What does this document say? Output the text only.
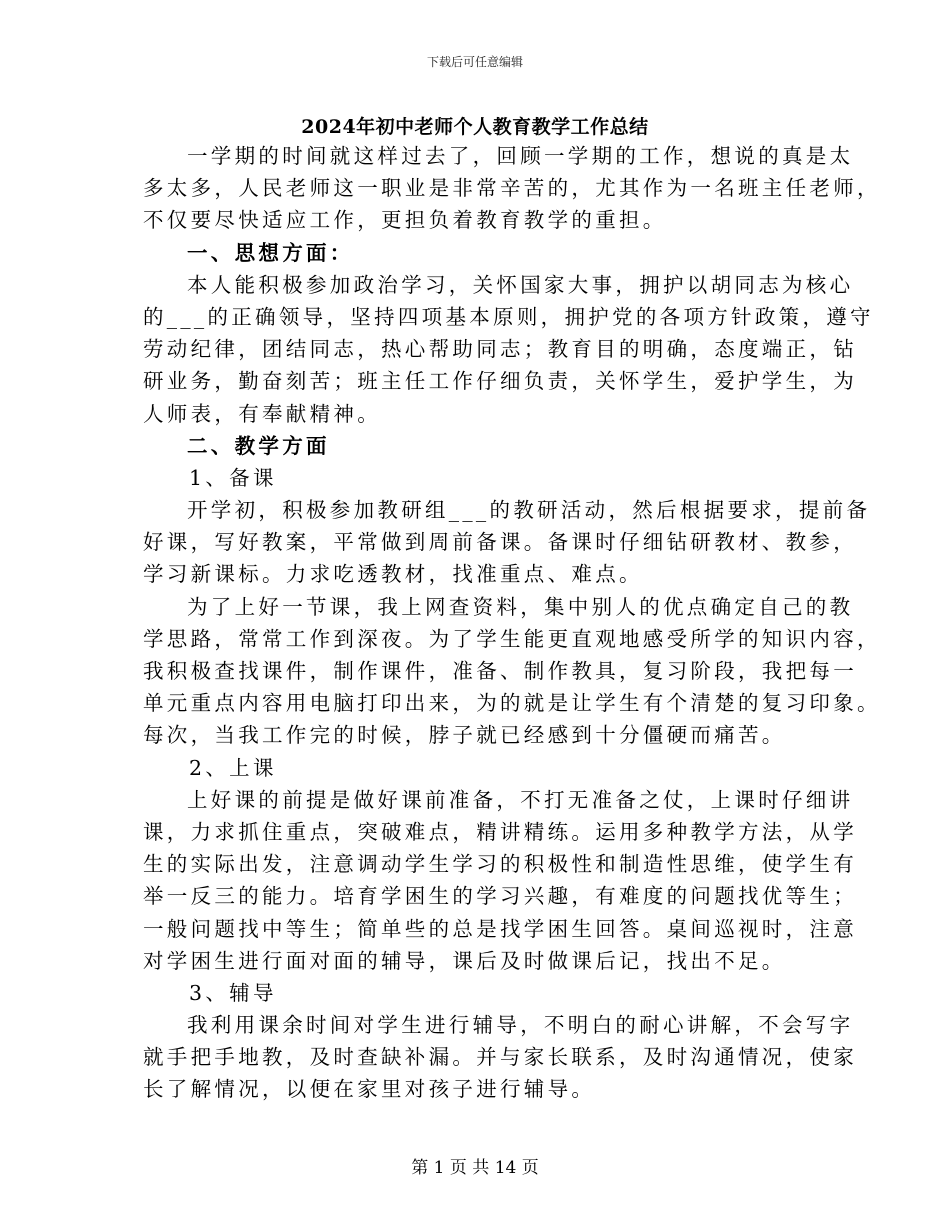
下载后可任意编辑
2024年初中老师个人教育教学工作总结
一学期的时间就这样过去了，回顾一学期的工作，想说的真是太
多太多，人民老师这一职业是非常辛苦的，尤其作为一名班主任老师，
不仅要尽快适应工作，更担负着教育教学的重担。
一、思想方面：
本人能积极参加政治学习，关怀国家大事，拥护以胡同志为核心
的___的正确领导，坚持四项基本原则，拥护党的各项方针政策，遵守
劳动纪律，团结同志，热心帮助同志；教育目的明确，态度端正，钻
研业务，勤奋刻苦；班主任工作仔细负责，关怀学生，爱护学生，为
人师表，有奉献精神。
二、教学方面
1、备课
开学初，积极参加教研组___的教研活动，然后根据要求，提前备
好课，写好教案，平常做到周前备课。备课时仔细钻研教材、教参，
学习新课标。力求吃透教材，找准重点、难点。
为了上好一节课，我上网查资料，集中别人的优点确定自己的教
学思路，常常工作到深夜。为了学生能更直观地感受所学的知识内容，
我积极查找课件，制作课件，准备、制作教具，复习阶段，我把每一
单元重点内容用电脑打印出来，为的就是让学生有个清楚的复习印象。
每次，当我工作完的时候，脖子就已经感到十分僵硬而痛苦。
2、上课
上好课的前提是做好课前准备，不打无准备之仗，上课时仔细讲
课，力求抓住重点，突破难点，精讲精练。运用多种教学方法，从学
生的实际出发，注意调动学生学习的积极性和制造性思维，使学生有
举一反三的能力。培育学困生的学习兴趣，有难度的问题找优等生；
一般问题找中等生；简单些的总是找学困生回答。桌间巡视时，注意
对学困生进行面对面的辅导，课后及时做课后记，找出不足。
3、辅导
我利用课余时间对学生进行辅导，不明白的耐心讲解，不会写字
就手把手地教，及时查缺补漏。并与家长联系，及时沟通情况，使家
长了解情况，以便在家里对孩子进行辅导。
第 1 页 共 14 页
